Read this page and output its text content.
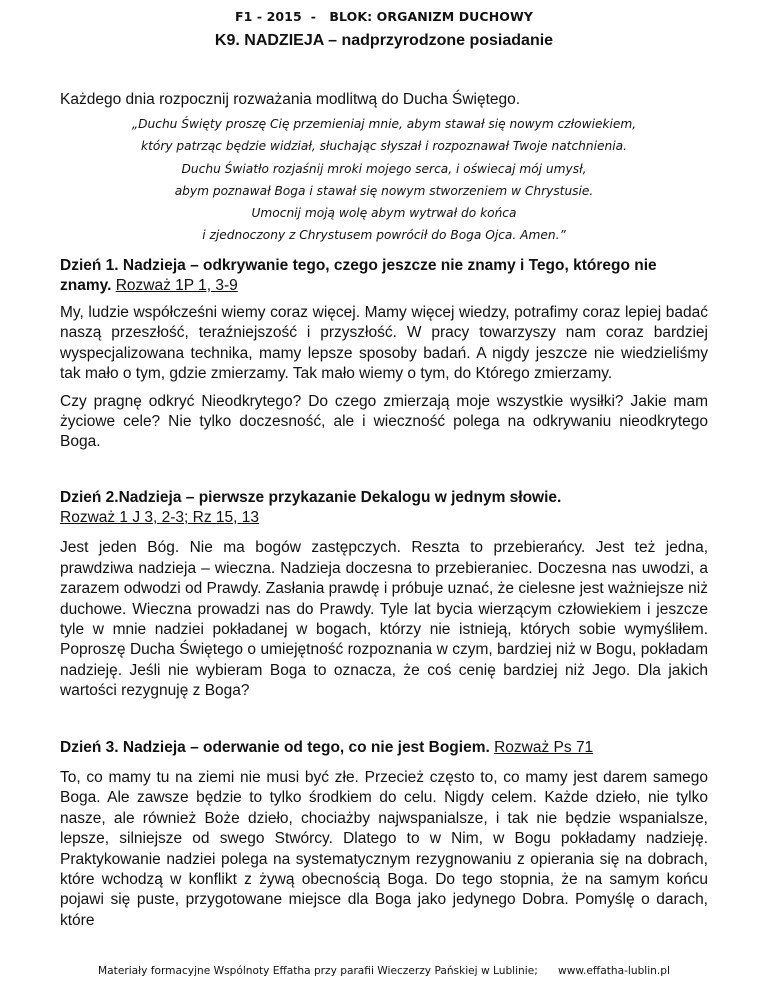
F1 - 2015 - BLOK: ORGANIZM DUCHOWY
K9. NADZIEJA – nadprzyrodzone posiadanie
Każdego dnia rozpocznij rozważania modlitwą do Ducha Świętego.
„Duchu Święty proszę Cię przemieniaj mnie, abym stawał się nowym człowiekiem,
który patrząc będzie widział, słuchając słyszał i rozpoznawał Twoje natchnienia.
Duchu Światło rozjaśnij mroki mojego serca, i oświecaj mój umysł,
abym poznawał Boga i stawał się nowym stworzeniem w Chrystusie.
Umocnij moją wolę abym wytrwał do końca
i zjednoczony z Chrystusem powrócił do Boga Ojca. Amen.”
Dzień 1. Nadzieja – odkrywanie tego, czego jeszcze nie znamy i Tego, którego nie znamy. Rozważ 1P 1, 3-9
My, ludzie współcześni wiemy coraz więcej. Mamy więcej wiedzy, potrafimy coraz lepiej badać naszą przeszłość, teraźniejszość i przyszłość. W pracy towarzyszy nam coraz bardziej wyspecjalizowana technika, mamy lepsze sposoby badań. A nigdy jeszcze nie wiedzieliśmy tak mało o tym, gdzie zmierzamy. Tak mało wiemy o tym, do Którego zmierzamy.
Czy pragnę odkryć Nieodkrytego? Do czego zmierzają moje wszystkie wysiłki? Jakie mam życiowe cele? Nie tylko doczesność, ale i wieczność polega na odkrywaniu nieodkrytego Boga.
Dzień 2.Nadzieja – pierwsze przykazanie Dekalogu w jednym słowie.
Rozważ 1 J 3, 2-3; Rz 15, 13
Jest jeden Bóg. Nie ma bogów zastępczych. Reszta to przebierańcy. Jest też jedna, prawdziwa nadzieja – wieczna. Nadzieja doczesna to przebieraniec. Doczesna nas uwodzi, a zarazem odwodzi od Prawdy. Zasłania prawdę i próbuje uznać, że cielesne jest ważniejsze niż duchowe. Wieczna prowadzi nas do Prawdy. Tyle lat bycia wierzącym człowiekiem i jeszcze tyle w mnie nadziei pokładanej w bogach, którzy nie istnieją, których sobie wymyśliłem. Poproszę Ducha Świętego o umiejętność rozpoznania w czym, bardziej niż w Bogu, pokładam nadzieję. Jeśli nie wybieram Boga to oznacza, że coś cenię bardziej niż Jego. Dla jakich wartości rezygnuję z Boga?
Dzień 3. Nadzieja – oderwanie od tego, co nie jest Bogiem. Rozważ Ps 71
To, co mamy tu na ziemi nie musi być złe. Przecież często to, co mamy jest darem samego Boga. Ale zawsze będzie to tylko środkiem do celu. Nigdy celem. Każde dzieło, nie tylko nasze, ale również Boże dzieło, chociażby najwspanialsze, i tak nie będzie wspanialsze, lepsze, silniejsze od swego Stwórcy. Dlatego to w Nim, w Bogu pokładamy nadzieję. Praktykowanie nadziei polega na systematycznym rezygnowaniu z opierania się na dobrach, które wchodzą w konflikt z żywą obecnością Boga. Do tego stopnia, że na samym końcu pojawi się puste, przygotowane miejsce dla Boga jako jedynego Dobra. Pomyślę o darach, które
Materiały formacyjne Wspólnoty Effatha przy parafii Wieczerzy Pańskiej w Lublinie; www.effatha-lublin.pl
